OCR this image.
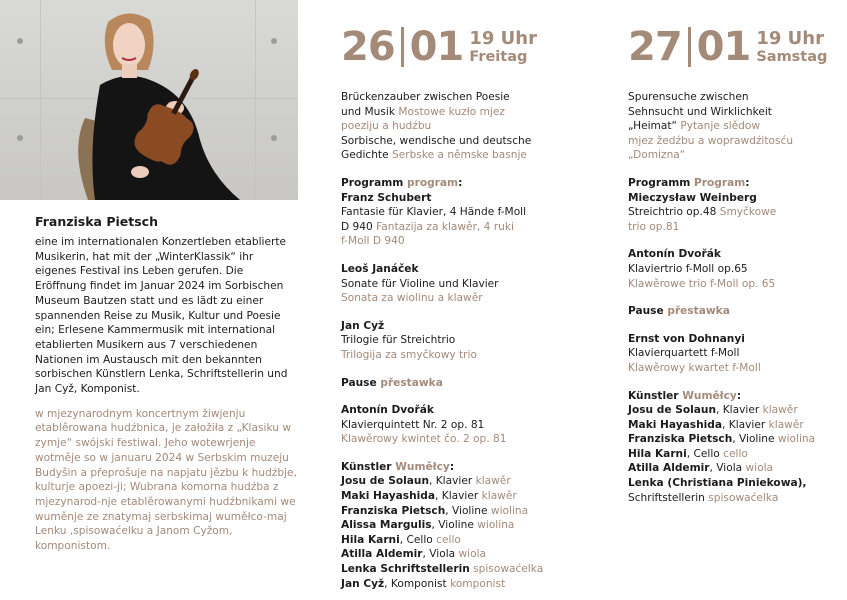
Franziska Pietsch

eine im internationalen Konzertleben etablierte Musikerin, hat mit der „WinterKlassik“ ihr eigenes Festival ins Leben gerufen. Die Eröffnung findet im Januar 2024 im Sorbischen Museum Bautzen statt und es lädt zu einer spannenden Reise zu Musik, Kultur und Poesie ein; Erlesene Kammermusik mit international etablierten Musikern aus 7 verschiedenen Nationen im Austausch mit den bekannten sorbischen Künstlern Lenka, Schriftstellerin und Jan Cyž, Komponist.

w mjezynarodnym koncertnym žiwjenju etablěrowana hudźbnica, je załožiła z „Klasiku w zymje“ swójski festiwal. Jeho wotewrjenje wotměje so w januaru 2024 w Serbskim muzeju Budyšin a přeprošuje na napjatu jězbu k hudźbje, kulturje apoezi-ji; Wubrana komorna hudźba z mjezynarod-nje etablěrowanymi hudźbnikami we wuměnje ze znatymaj serbskimaj wuměłco-maj Lenku ,spisowaćelku a Janom Cyžom, komponistom.

26 01 19 Uhr
Freitag	27 01 19 Uhr
Samstag
Brückenzauber zwischen Poesie
und Musik Mostowe kuzło mjez
poeziju a hudźbu
Sorbische, wendische und deutsche
Gedichte Serbske a němske basnje
Programm program:
Franz Schubert
Fantasie für Klavier, 4 Hände f-Moll
D 940 Fantazija za klawěr, 4 ruki
f-Moll D 940
Leoš Janáček
Sonate für Violine und Klavier
Sonata za wiolinu a klawěr
Jan Cyž
Trilogie für Streichtrio
Trilogija za smyčkowy trio
Pause přestawka
Antonín Dvořák
Klavierquintett Nr. 2 op. 81
Klawěrowy kwintet čo. 2 op. 81
Künstler Wuměłcy:
Josu de Solaun, Klavier klawěr
Maki Hayashida, Klavier klawěr
Franziska Pietsch, Violine wiolina
Alissa Margulis, Violine wiolina
Hila Karni, Cello cello
Atilla Aldemir, Viola wiola
Lenka Schriftstellerin spisowaćelka
Jan Cyž, Komponist komponist
Spurensuche zwischen
Sehnsucht und Wirklichkeit
„Heimat“ Pytanje slědow
mjez žedźbu a woprawdźitosću
„Domizna“
Programm Program:
Mieczysław Weinberg
Streichtrio op.48 Smyčkowe
trio op.81
Antonín Dvořák
Klaviertrio f-Moll op.65
Klawěrowe trio f-Moll op. 65
Pause přestawka
Ernst von Dohnanyi
Klavierquartett f-Moll
Klawěrowy kwartet f-Moll
Künstler Wuměłcy:
Josu de Solaun, Klavier klawěr
Maki Hayashida, Klavier klawěr
Franziska Pietsch, Violine wiolina
Hila Karni, Cello cello
Atilla Aldemir, Viola wiola
Lenka (Christiana Piniekowa),
Schriftstellerin spisowaćelka
